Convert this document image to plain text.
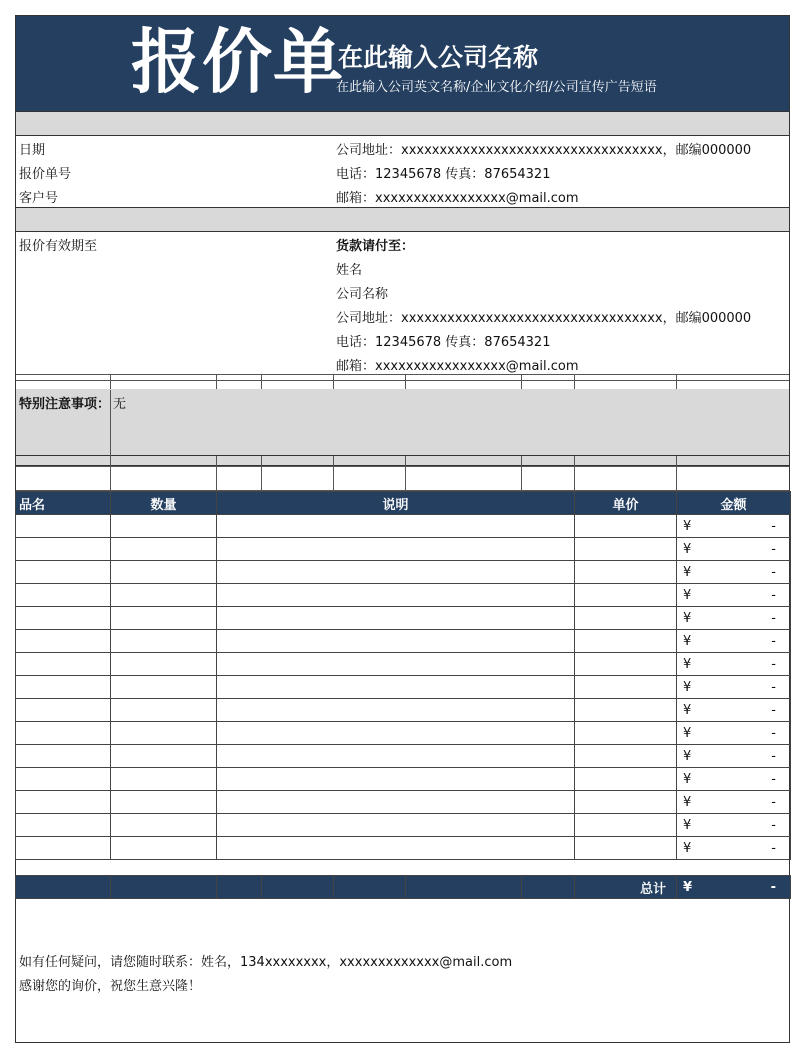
报价单
在此输入公司名称
在此输入公司英文名称/企业文化介绍/公司宣传广告短语
日期
报价单号
客户号
公司地址：xxxxxxxxxxxxxxxxxxxxxxxxxxxxxxxxxx，邮编000000
电话：12345678 传真：87654321
邮箱：xxxxxxxxxxxxxxxxx@mail.com
报价有效期至	货款请付至：
姓名
公司名称
公司地址：xxxxxxxxxxxxxxxxxxxxxxxxxxxxxxxxxx，邮编000000
电话：12345678 传真：87654321
邮箱：xxxxxxxxxxxxxxxxx@mail.com
特别注意事项： 无
品名	数量	说明	单价	金额

				¥ -

				¥ -

				¥ -

				¥ -

				¥ -

				¥ -

				¥ -

				¥ -

				¥ -

				¥ -

				¥ -

				¥ -

				¥ -

				¥ -

				¥ -
							总计	¥	-
如有任何疑问，请您随时联系：姓名，134xxxxxxxx，xxxxxxxxxxxxx@mail.com
感谢您的询价，祝您生意兴隆！
